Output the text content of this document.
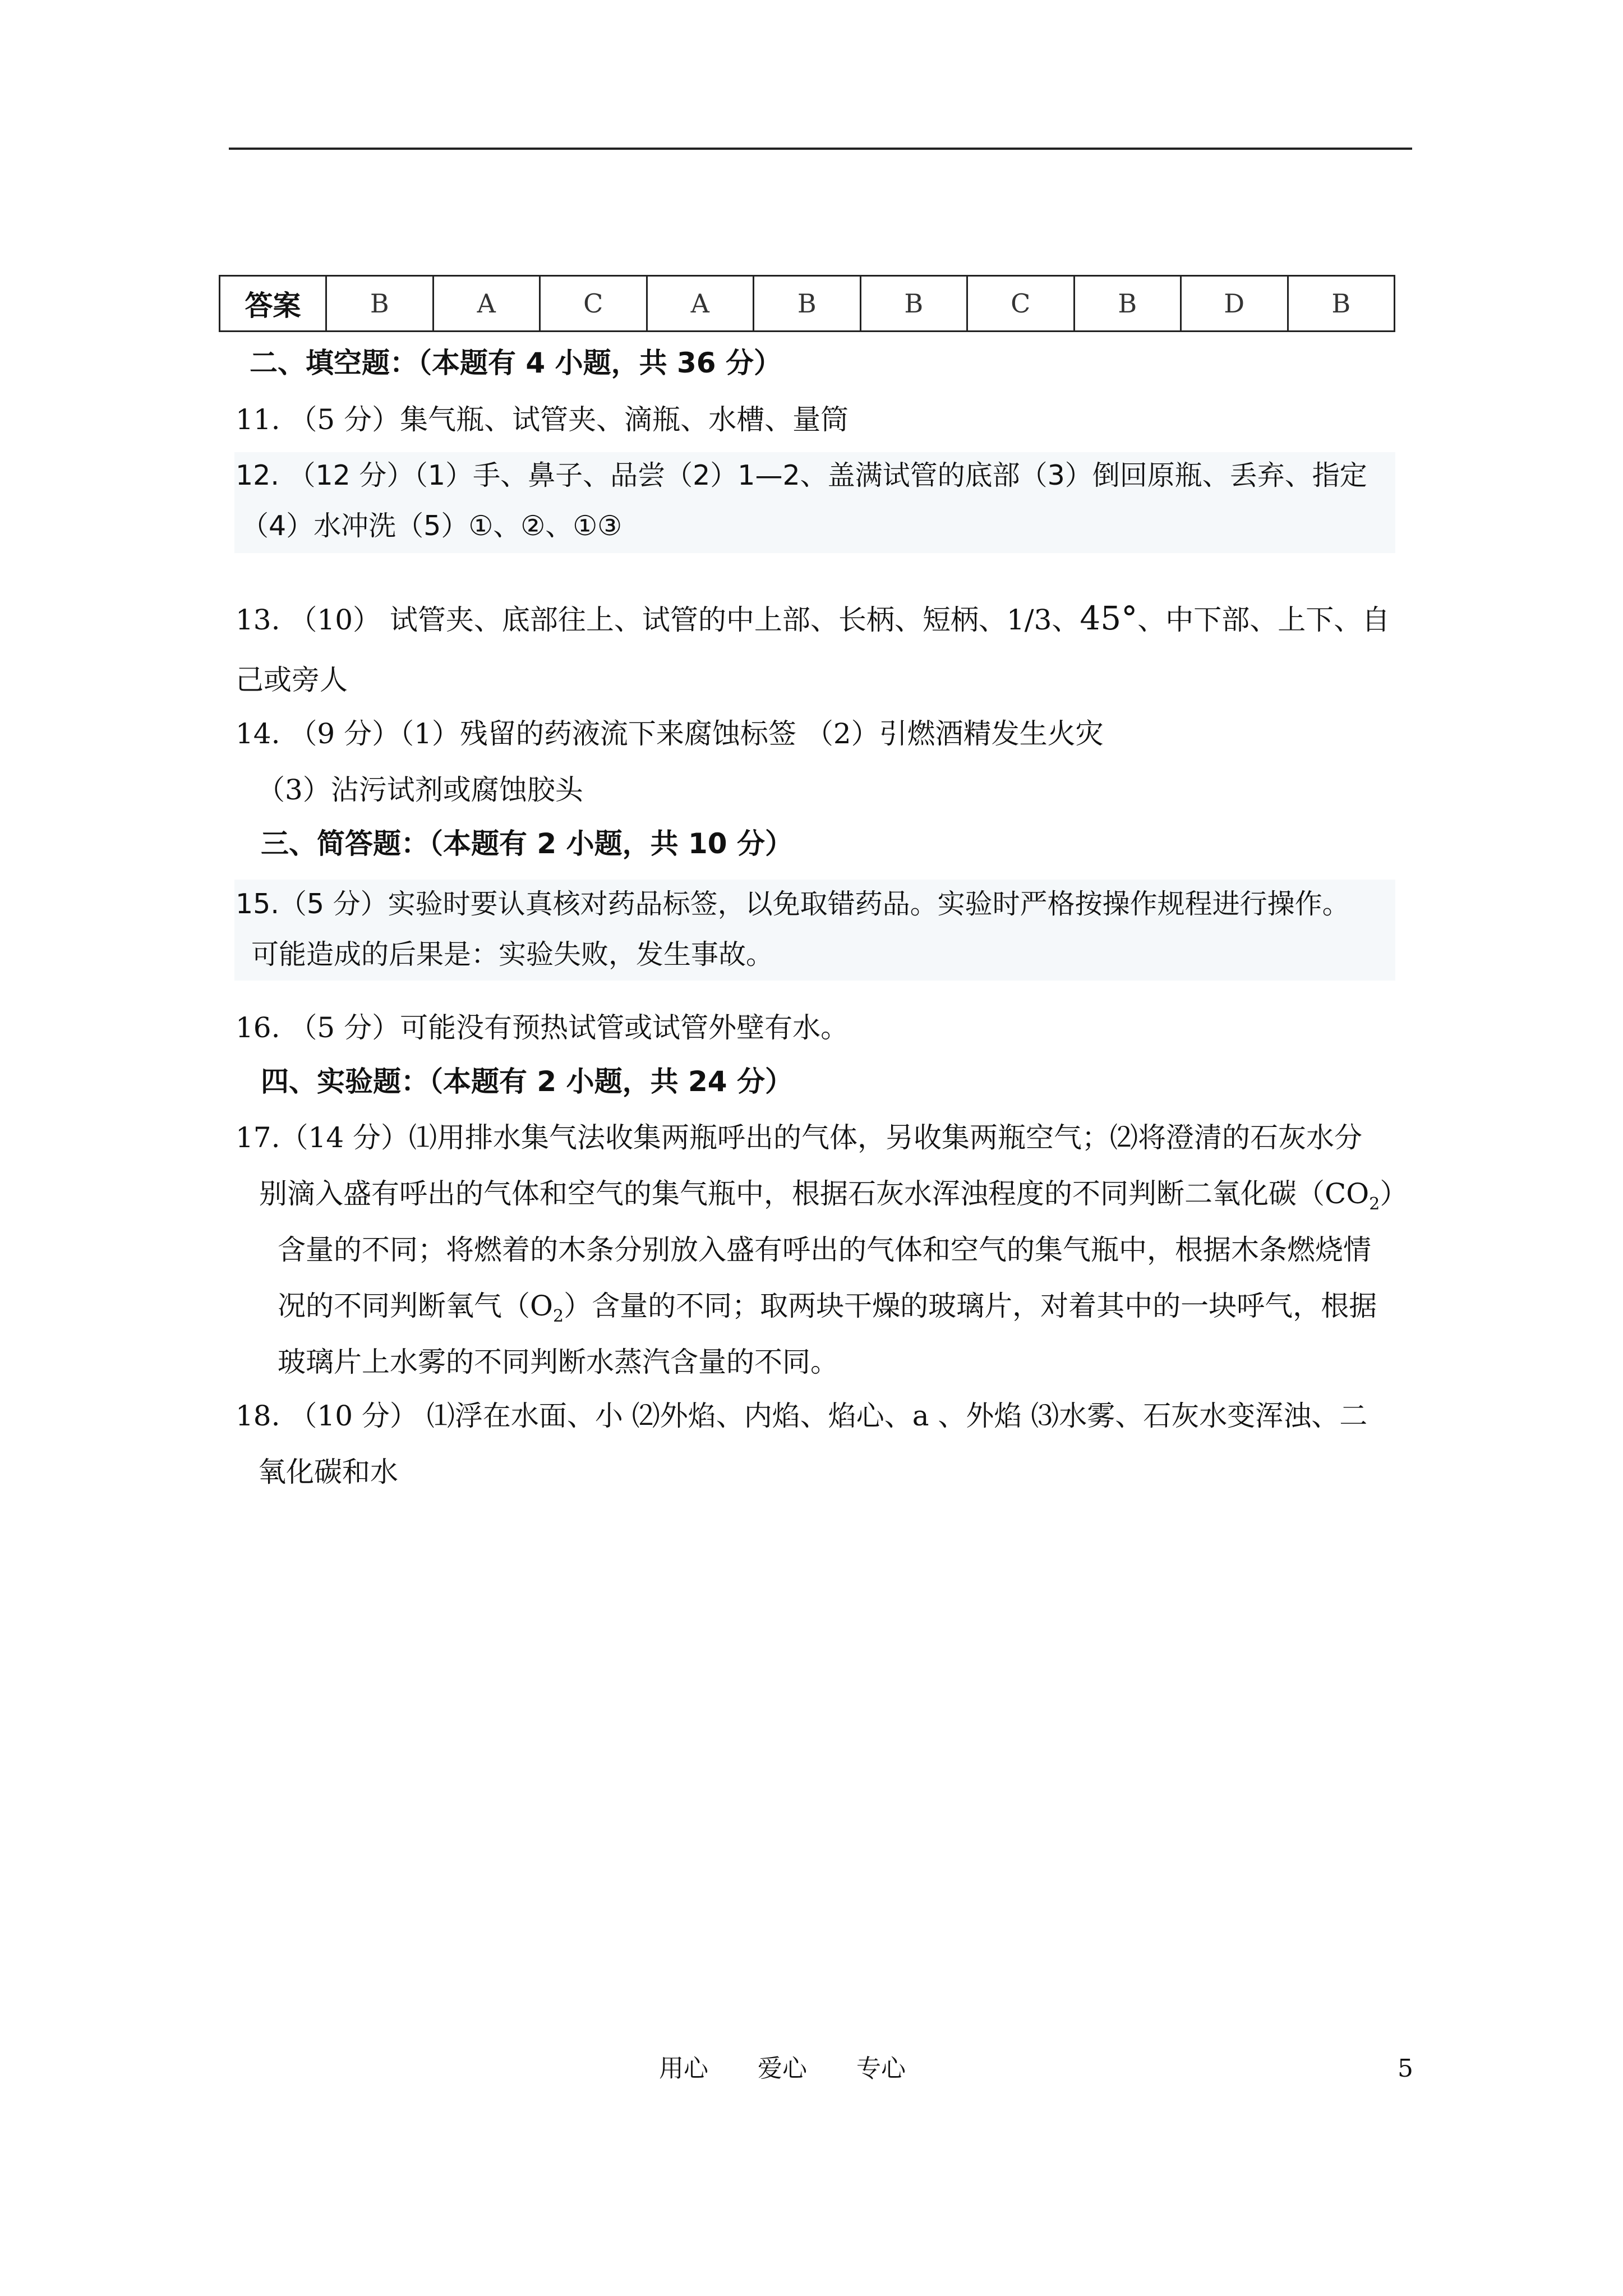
答案	B	A	C	A	B	B	C	B	D	B
二、填空题：（本题有 4 小题，共 36 分）
11. （5 分）集气瓶、试管夹、滴瓶、水槽、量筒
12. （12 分）（1）手、鼻子、品尝（2）1—2、盖满试管的底部（3）倒回原瓶、丢弃、指定
（4）水冲洗（5）①、②、①③
13. （10） 试管夹、底部往上、试管的中上部、长柄、短柄、1/3、45°、中下部、上下、自
己或旁人
14. （9 分）（1）残留的药液流下来腐蚀标签 （2）引燃酒精发生火灾
（3）沾污试剂或腐蚀胶头
三、简答题：（本题有 2 小题，共 10 分）
15.（5 分）实验时要认真核对药品标签，以免取错药品。实验时严格按操作规程进行操作。
可能造成的后果是：实验失败，发生事故。
16. （5 分）可能没有预热试管或试管外壁有水。
四、实验题：（本题有 2 小题，共 24 分）
17.（14 分）⑴用排水集气法收集两瓶呼出的气体，另收集两瓶空气；⑵将澄清的石灰水分
别滴入盛有呼出的气体和空气的集气瓶中，根据石灰水浑浊程度的不同判断二氧化碳$(CO_2)$
含量的不同；将燃着的木条分别放入盛有呼出的气体和空气的集气瓶中，根据木条燃烧情
况的不同判断氧气$(O_2)$含量的不同；取两块干燥的玻璃片，对着其中的一块呼气，根据
玻璃片上水雾的不同判断水蒸汽含量的不同。
18. （10 分） ⑴浮在水面、小 ⑵外焰、内焰、焰心、a 、外焰 ⑶水雾、石灰水变浑浊、二
氧化碳和水
用心　　爱心　　专心	5
